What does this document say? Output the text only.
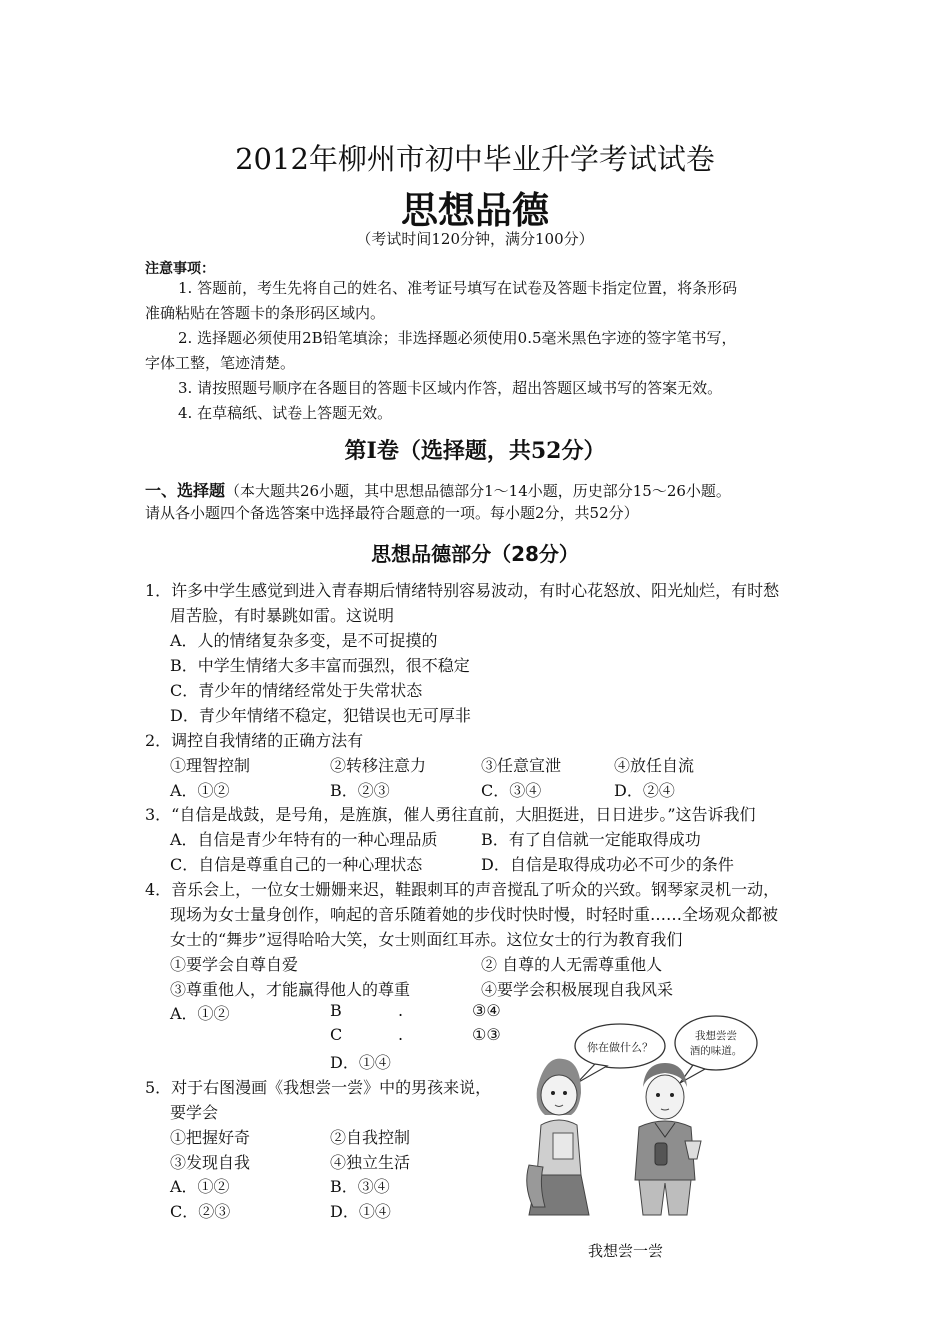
2012年柳州市初中毕业升学考试试卷
思想品德
（考试时间120分钟，满分100分）
注意事项：
1. 答题前，考生先将自己的姓名、准考证号填写在试卷及答题卡指定位置，将条形码
准确粘贴在答题卡的条形码区域内。
2. 选择题必须使用2B铅笔填涂；非选择题必须使用0.5毫米黑色字迹的签字笔书写，
字体工整，笔迹清楚。
3. 请按照题号顺序在各题目的答题卡区域内作答，超出答题区域书写的答案无效。
4. 在草稿纸、试卷上答题无效。
第Ⅰ卷（选择题，共52分）
一、选择题（本大题共26小题，其中思想品德部分1～14小题，历史部分15～26小题。
请从各小题四个备选答案中选择最符合题意的一项。每小题2分，共52分）
思想品德部分（28分）
1．许多中学生感觉到进入青春期后情绪特别容易波动，有时心花怒放、阳光灿烂，有时愁
眉苦脸，有时暴跳如雷。这说明
A．人的情绪复杂多变，是不可捉摸的
B．中学生情绪大多丰富而强烈，很不稳定
C．青少年的情绪经常处于失常状态
D．青少年情绪不稳定，犯错误也无可厚非
2．调控自我情绪的正确方法有
①理智控制	②转移注意力	③任意宣泄	④放任自流
A．①②	B．②③	C．③④	D．②④
3．“自信是战鼓，是号角，是旌旗，催人勇往直前，大胆挺进，日日进步。”这告诉我们
A．自信是青少年特有的一种心理品质	B．有了自信就一定能取得成功
C．自信是尊重自己的一种心理状态	D．自信是取得成功必不可少的条件
4．音乐会上，一位女士姗姗来迟，鞋跟刺耳的声音搅乱了听众的兴致。钢琴家灵机一动，
现场为女士量身创作，响起的音乐随着她的步伐时快时慢，时轻时重……全场观众都被
女士的“舞步”逗得哈哈大笑，女士则面红耳赤。这位女士的行为教育我们
①要学会自尊自爱	② 自尊的人无需尊重他人
③尊重他人，才能赢得他人的尊重	④要学会积极展现自我风采
A．①②	B	.	③④
C	.	①③
D．①④
5．对于右图漫画《我想尝一尝》中的男孩来说，
要学会
①把握好奇	②自我控制
③发现自我	④独立生活
A．①②	B．③④
C．②③	D．①④
你在做什么？
我想尝尝
酒的味道。
我想尝一尝
